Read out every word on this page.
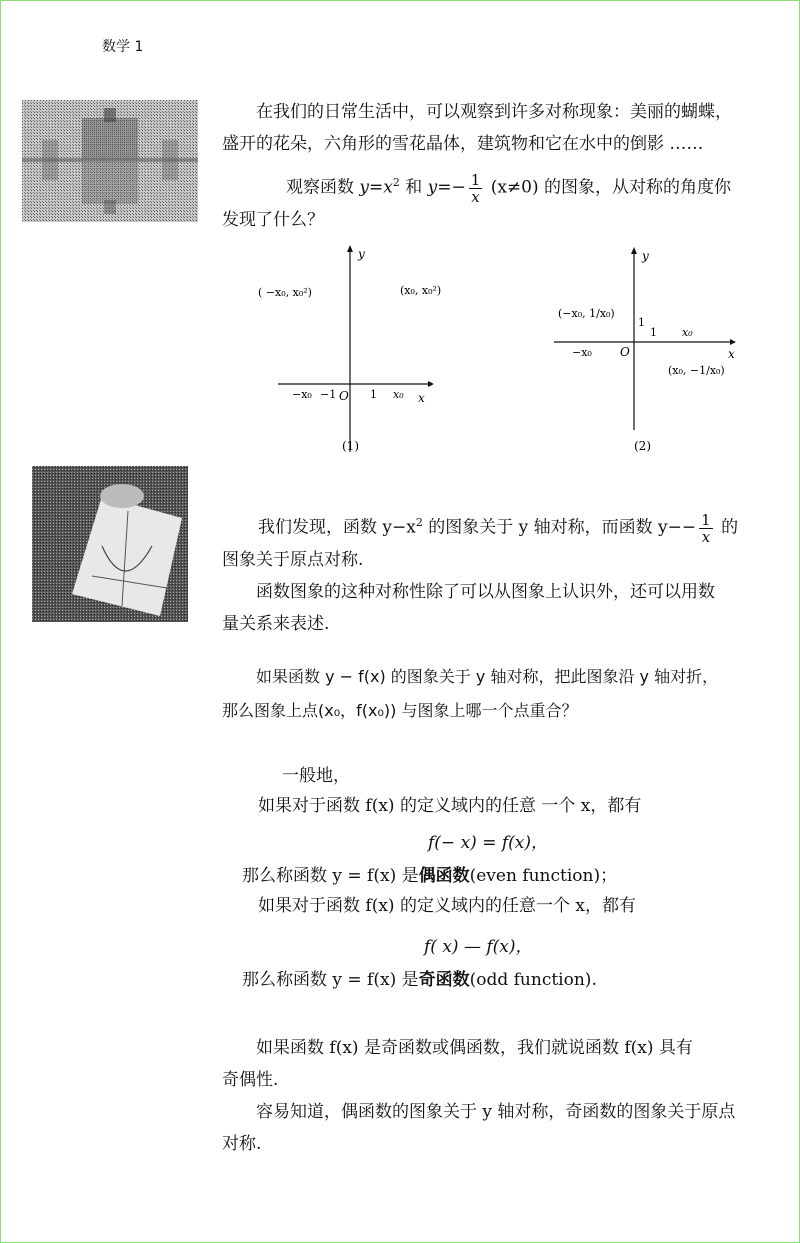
数学 1
在我们的日常生活中，可以观察到许多对称现象：美丽的蝴蝶，
盛开的花朵，六角形的雪花晶体，建筑物和它在水中的倒影 ……
观察函数 $y=x^2$ 和 $y=- \frac{1}{x} (x\ne 0)$ 的图象，从对称的角度你
发现了什么？
y
x
O
−x₀ −1	1 x₀
( −x₀, x₀²)	(x₀, x₀²)
(1)
y
x
O
−x₀
1
1 x₀
(−x₀, 1/x₀)
(x₀, −1/x₀)
(2)
我们发现，函数 $y-x^2$ 的图象关于 y 轴对称，而函数 $y-- \frac{1}{x}$ 的
图象关于原点对称.
函数图象的这种对称性除了可以从图象上认识外，还可以用数
量关系来表述.
如果函数 y − f(x) 的图象关于 y 轴对称，把此图象沿 y 轴对折，
那么图象上点(x₀，f(x₀)) 与图象上哪一个点重合？
一般地，
如果对于函数 f(x) 的定义域内的任意 一个 x，都有
f(− x) = f(x)，
那么称函数 y = f(x) 是偶函数(even function)；
如果对于函数 f(x) 的定义域内的任意一个 x，都有
f( x) — f(x)，
那么称函数 y = f(x) 是奇函数(odd function).
如果函数 f(x) 是奇函数或偶函数，我们就说函数 f(x) 具有
奇偶性.
容易知道，偶函数的图象关于 y 轴对称，奇函数的图象关于原点
对称.
